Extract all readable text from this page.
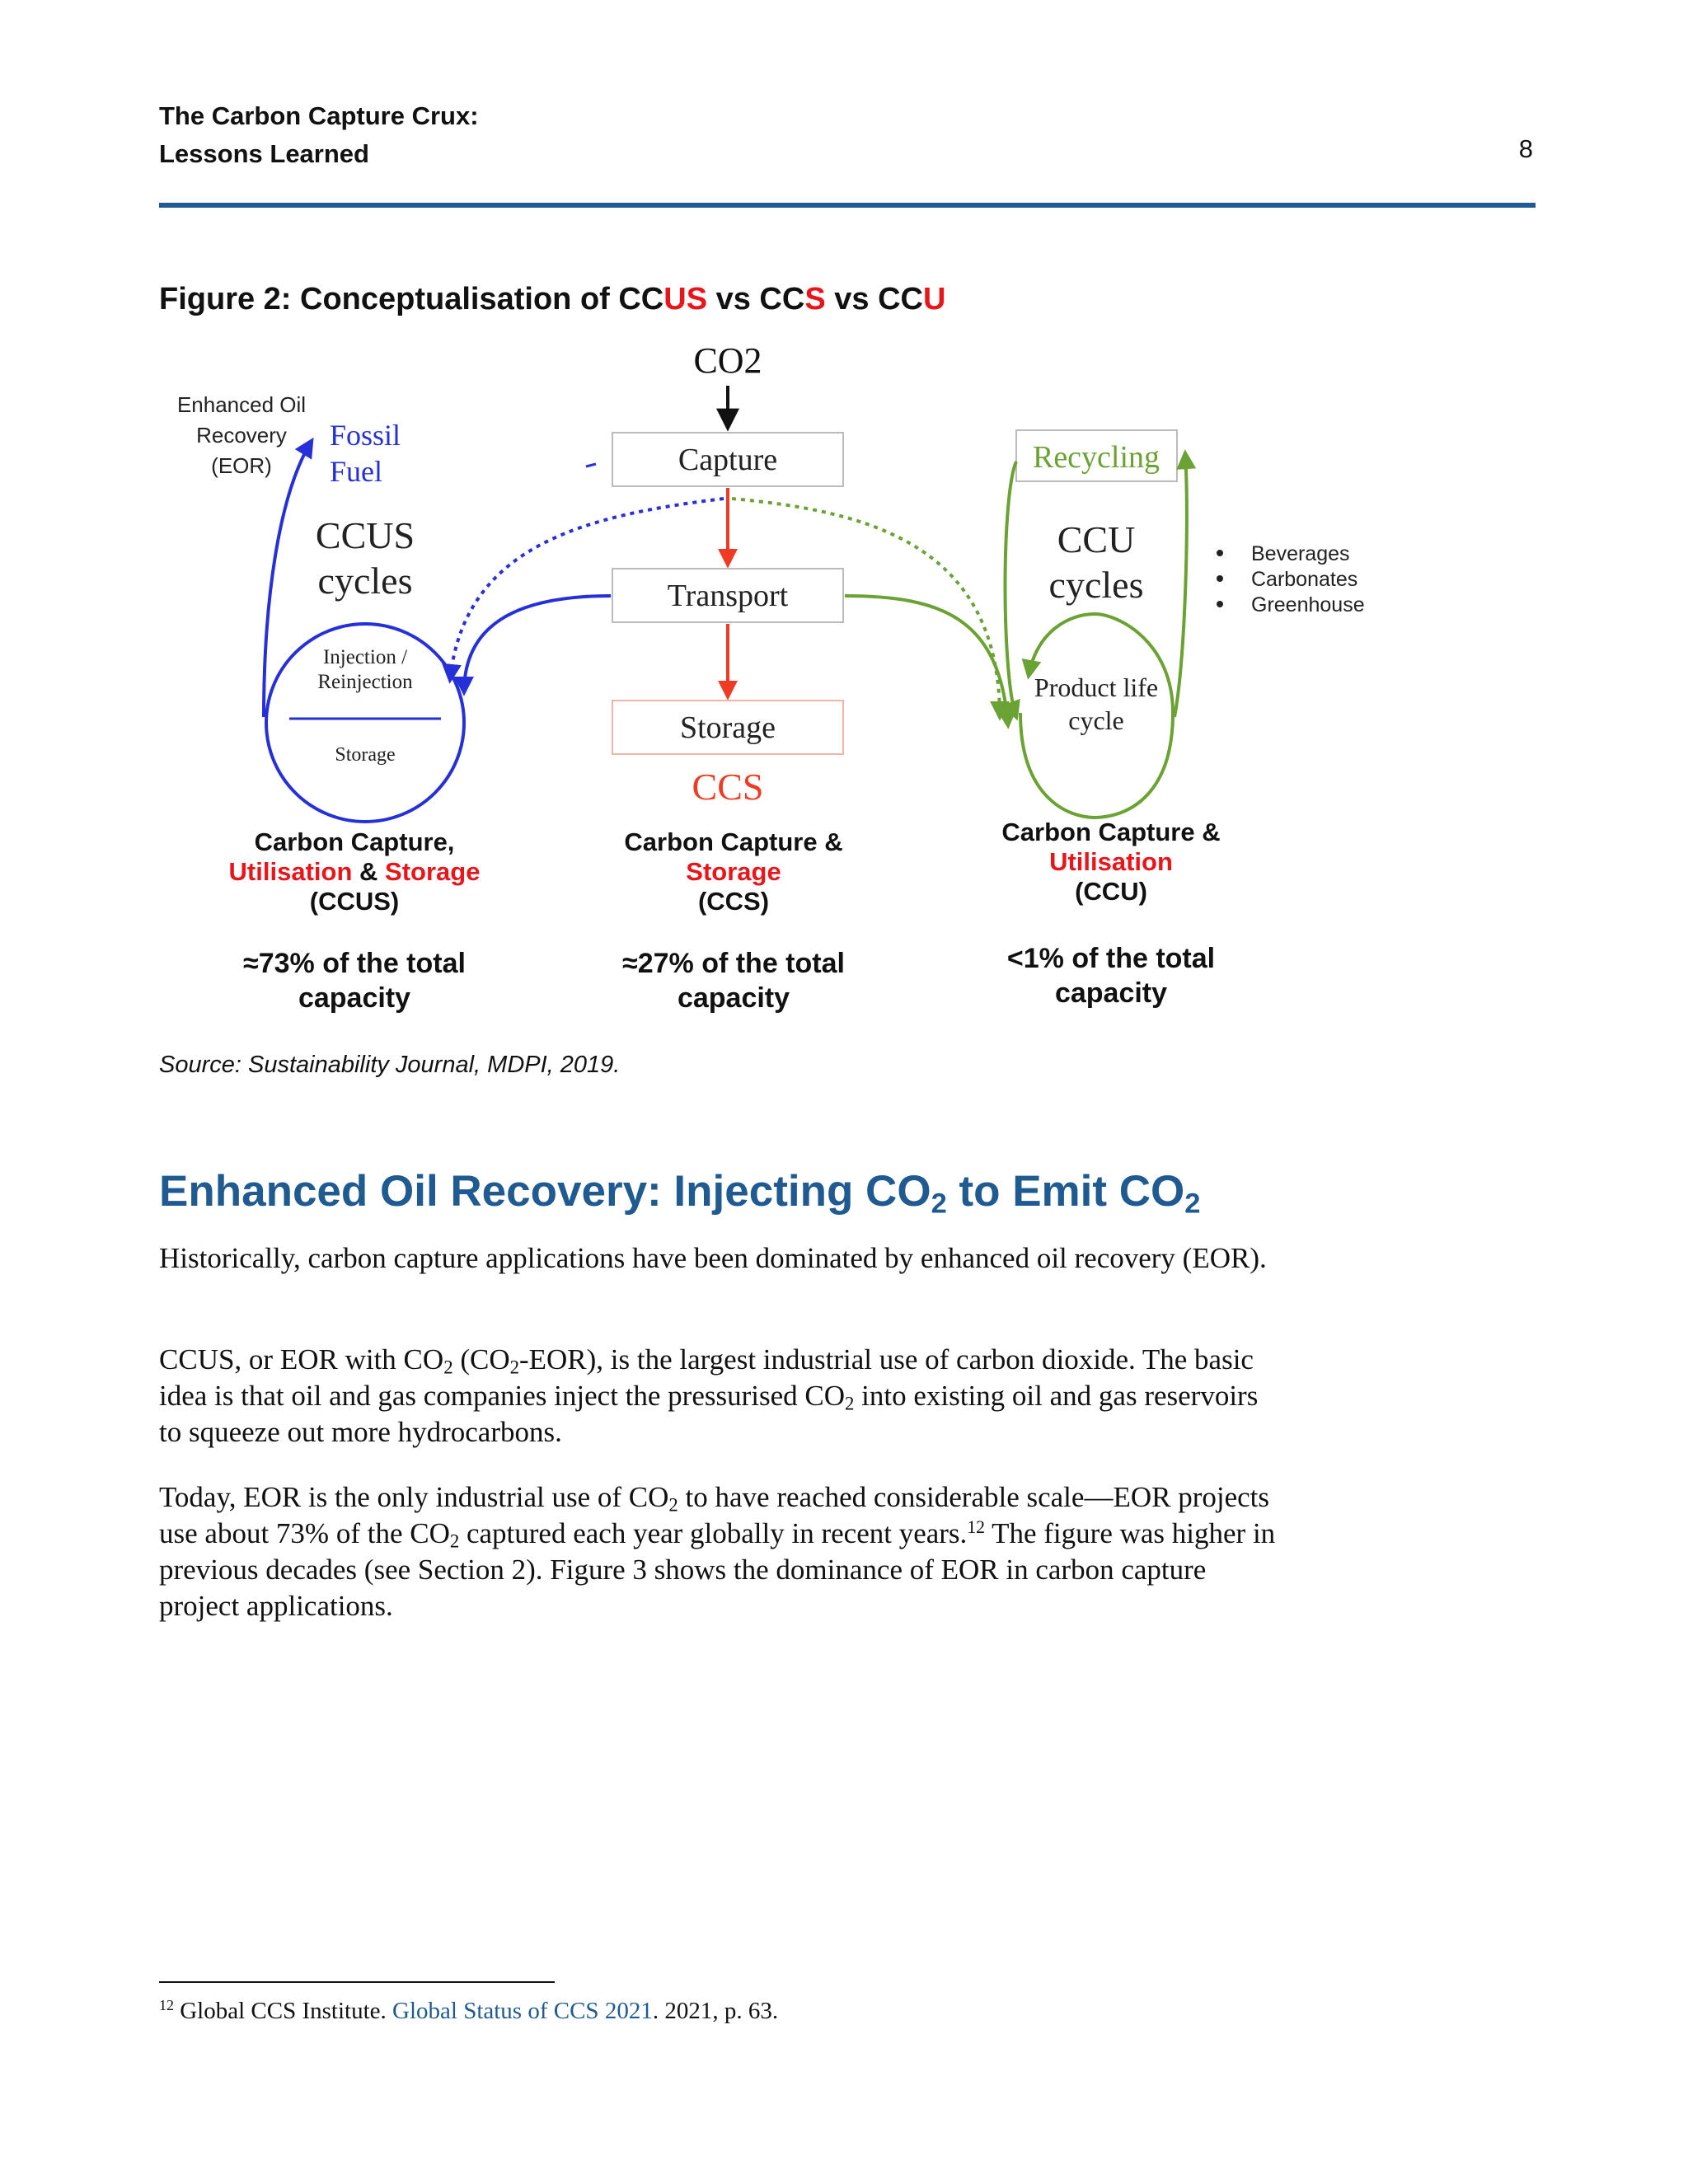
The Carbon Capture Crux:
Lessons Learned	8
Figure 2: Conceptualisation of CCUS vs CCS vs CCU
CO2
Capture
Transport
Storage
CCS
Enhanced Oil
Recovery
(EOR)
Fossil
Fuel
CCUS
cycles
Injection /
Reinjection
Storage
Recycling
CCU
cycles
Product life
cycle
Beverages
Carbonates
Greenhouse
Carbon Capture,
Utilisation & Storage
(CCUS)
≈73% of the total
capacity
Carbon Capture &
Storage
(CCS)
≈27% of the total
capacity
Carbon Capture &
Utilisation
(CCU)
<1% of the total
capacity
Source: Sustainability Journal, MDPI, 2019.
Enhanced Oil Recovery: Injecting $CO_2$ to Emit $CO_2$
Historically, carbon capture applications have been dominated by enhanced oil recovery (EOR).
CCUS, or EOR with $CO_2$ $(CO_2-EOR)$, is the largest industrial use of carbon dioxide. The basic idea is that oil and gas companies inject the pressurised $CO_2$ into existing oil and gas reservoirs to squeeze out more hydrocarbons.
Today, EOR is the only industrial use of $CO_2$ to have reached considerable scale—EOR projects use about 73% of the $CO_2$ captured each year globally in recent years.$^{12}$ The figure was higher in previous decades (see Section 2). Figure 3 shows the dominance of EOR in carbon capture project applications.
$^{12}$ Global CCS Institute. Global Status of CCS 2021. 2021, p. 63.
